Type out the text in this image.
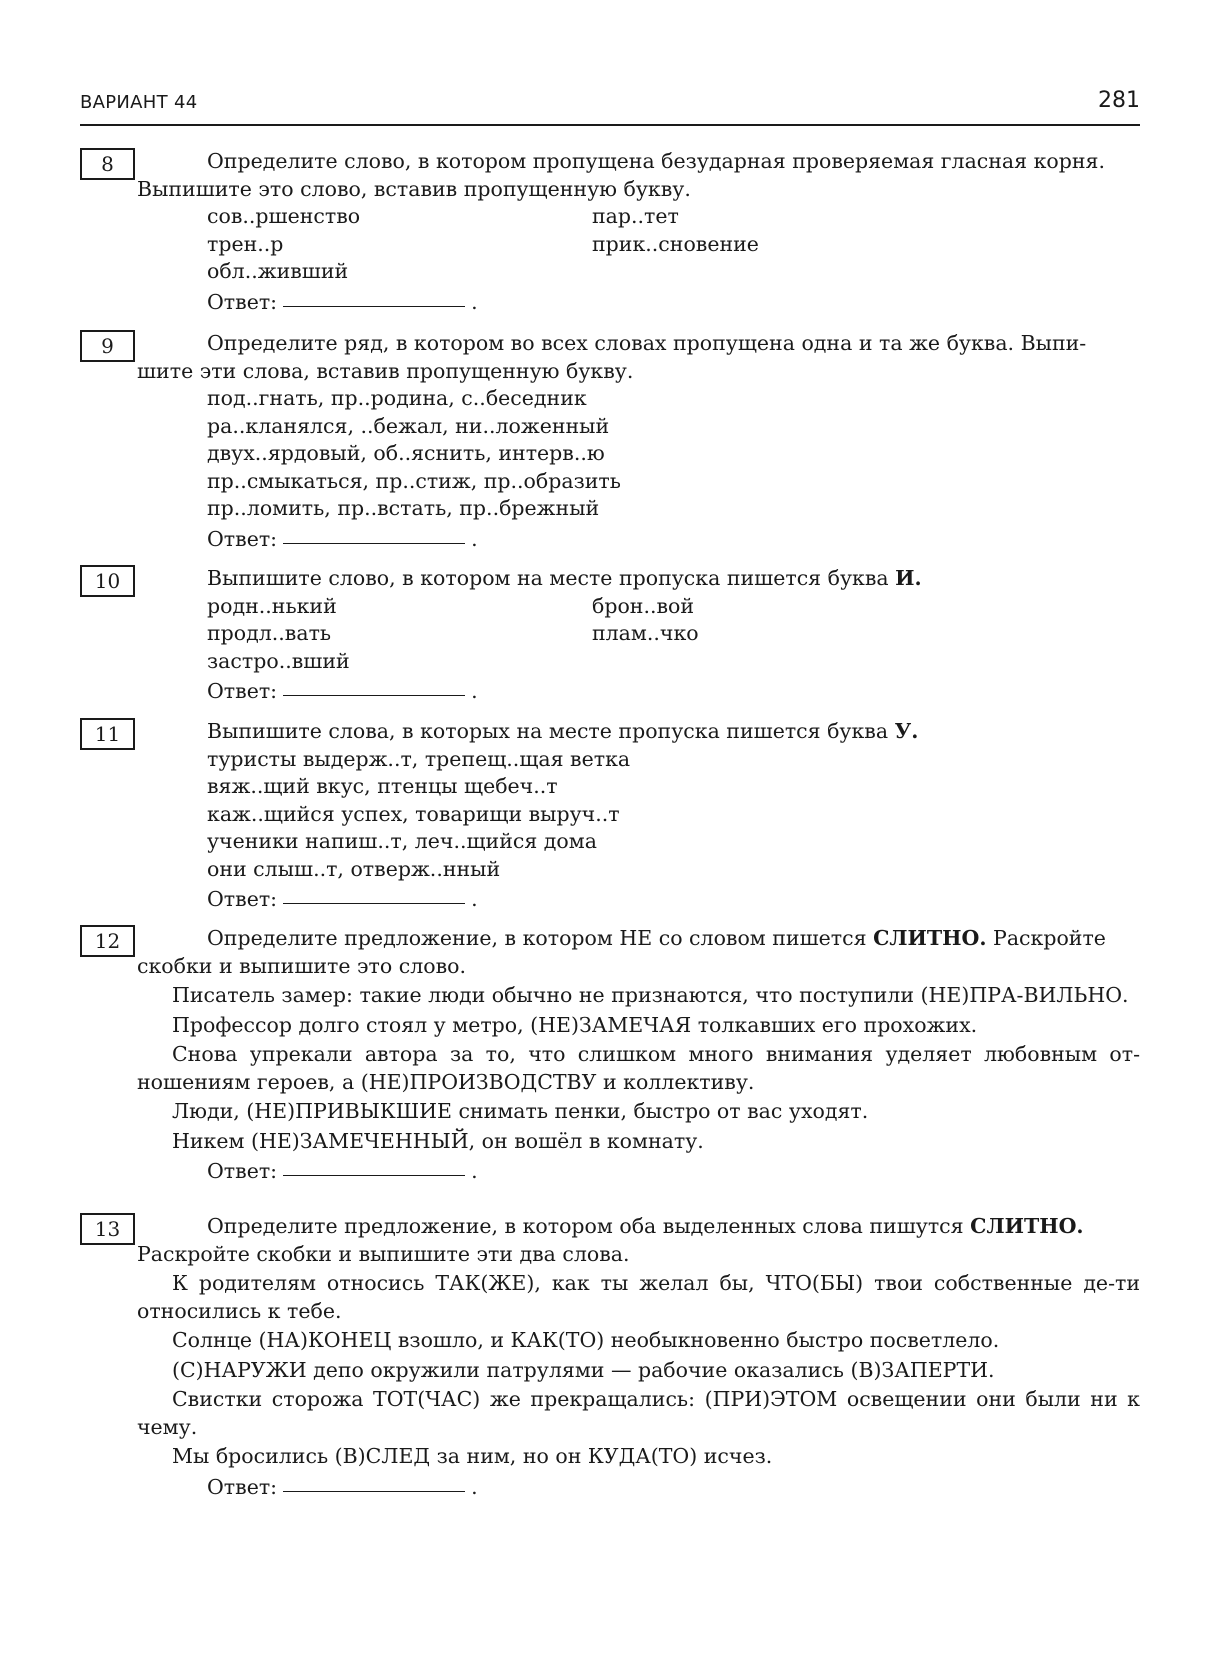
ВАРИАНТ 44	281
8	Определите слово, в котором пропущена безударная проверяемая гласная корня.

Выпишите это слово, вставив пропущенную букву.

сов..ршенство	пар..тет
трен..р	прик..сновение
обл..живший
Ответ:	.
9	Определите ряд, в котором во всех словах пропущена одна и та же буква. Выпи-

шите эти слова, вставив пропущенную букву.

под..гнать, пр..родина, с..беседник
ра..кланялся, ..бежал, ни..ложенный
двух..ярдовый, об..яснить, интерв..ю
пр..смыкаться, пр..стиж, пр..образить
пр..ломить, пр..встать, пр..брежный
Ответ:	.
10	Выпишите слово, в котором на месте пропуска пишется буква И.

родн..нький	брон..вой
продл..вать	плам..чко
застро..вший
Ответ:	.
11	Выпишите слова, в которых на месте пропуска пишется буква У.

туристы выдерж..т, трепещ..щая ветка
вяж..щий вкус, птенцы щебеч..т
каж..щийся успех, товарищи выруч..т
ученики напиш..т, леч..щийся дома
они слыш..т, отверж..нный
Ответ:	.
12	Определите предложение, в котором НЕ со словом пишется СЛИТНО. Раскройте

скобки и выпишите это слово.

Писатель замер: такие люди обычно не признаются, что поступили (НЕ)ПРА-ВИЛЬНО.

Профессор долго стоял у метро, (НЕ)ЗАМЕЧАЯ толкавших его прохожих.

Снова упрекали автора за то, что слишком много внимания уделяет любовным от-ношениям героев, а (НЕ)ПРОИЗВОДСТВУ и коллективу.

Люди, (НЕ)ПРИВЫКШИЕ снимать пенки, быстро от вас уходят.

Никем (НЕ)ЗАМЕЧЕННЫЙ, он вошёл в комнату.

Ответ:	.
13	Определите предложение, в котором оба выделенных слова пишутся СЛИТНО.

Раскройте скобки и выпишите эти два слова.

К родителям относись ТАК(ЖЕ), как ты желал бы, ЧТО(БЫ) твои собственные де-ти относились к тебе.

Солнце (НА)КОНЕЦ взошло, и КАК(ТО) необыкновенно быстро посветлело.

(С)НАРУЖИ депо окружили патрулями — рабочие оказались (В)ЗАПЕРТИ.

Свистки сторожа ТОТ(ЧАС) же прекращались: (ПРИ)ЭТОМ освещении они были ни к чему.

Мы бросились (В)СЛЕД за ним, но он КУДА(ТО) исчез.

Ответ:	.
